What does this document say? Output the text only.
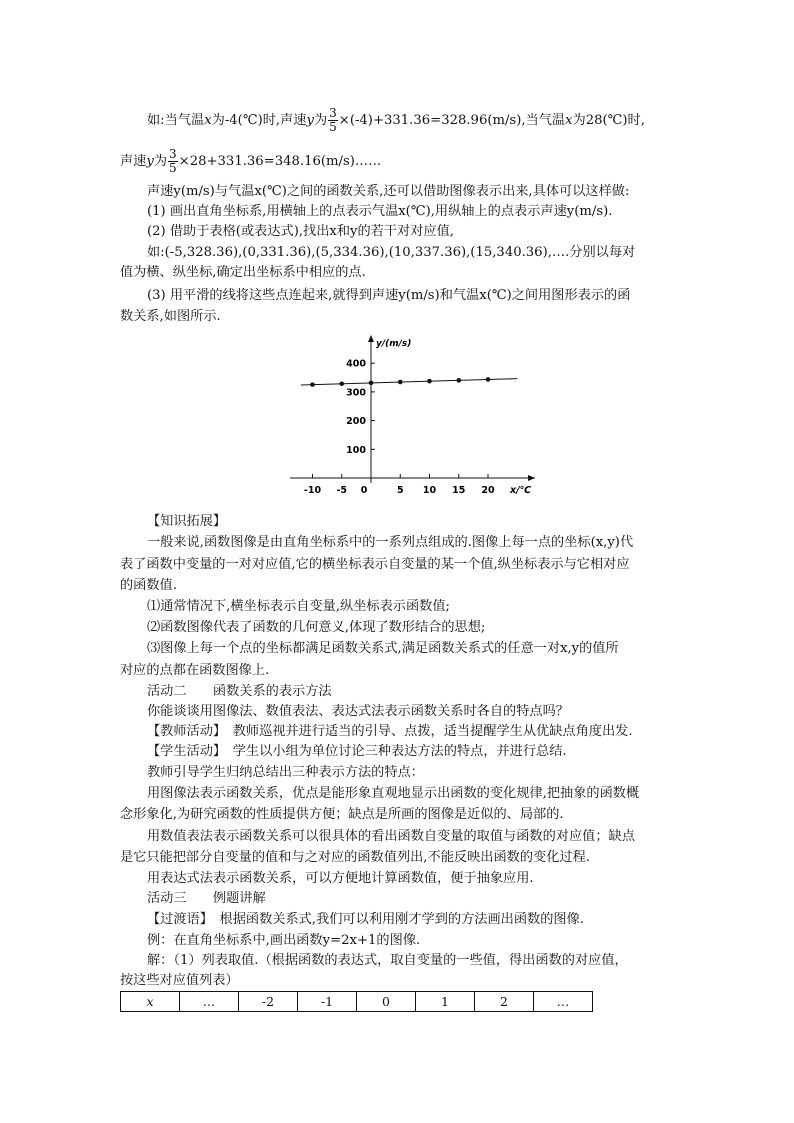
如:当气温x为-4(℃)时,声速y为 $\frac{3}{5} \times(-4)+331.36=328.96(m/s)$,当气温x为28(℃)时,
声速y为 $\frac{3}{5}$ ×28+331.36=348.16(m/s)……
声速y(m/s)与气温x(℃)之间的函数关系,还可以借助图像表示出来,具体可以这样做:
(1) 画出直角坐标系,用横轴上的点表示气温x(℃),用纵轴上的点表示声速y(m/s).
(2) 借助于表格(或表达式),找出x和y的若干对对应值,
如:(-5,328.36),(0,331.36),(5,334.36),(10,337.36),(15,340.36),….分别以每对
值为横、纵坐标,确定出坐标系中相应的点.
(3) 用平滑的线将这些点连起来,就得到声速y(m/s)和气温x(℃)之间用图形表示的函
数关系,如图所示.
-10 -5 0	5 10 15 20
100
200
300
400
y/(m/s)
x/℃
【知识拓展】
一般来说,函数图像是由直角坐标系中的一系列点组成的.图像上每一点的坐标(x,y)代
表了函数中变量的一对对应值,它的横坐标表示自变量的某一个值,纵坐标表示与它相对应
的函数值.
⑴通常情况下,横坐标表示自变量,纵坐标表示函数值;
⑵函数图像代表了函数的几何意义,体现了数形结合的思想;
⑶图像上每一个点的坐标都满足函数关系式,满足函数关系式的任意一对x,y的值所
对应的点都在函数图像上.
活动二　　函数关系的表示方法
你能谈谈用图像法、数值表法、表达式法表示函数关系时各自的特点吗？
【教师活动】　教师巡视并进行适当的引导、点拨，适当提醒学生从优缺点角度出发.
【学生活动】　学生以小组为单位讨论三种表达方法的特点，并进行总结.
教师引导学生归纳总结出三种表示方法的特点：
用图像法表示函数关系，优点是能形象直观地显示出函数的变化规律,把抽象的函数概
念形象化,为研究函数的性质提供方便；缺点是所画的图像是近似的、局部的.
用数值表法表示函数关系可以很具体的看出函数自变量的取值与函数的对应值；缺点
是它只能把部分自变量的值和与之对应的函数值列出,不能反映出函数的变化过程.
用表达式法表示函数关系，可以方便地计算函数值，便于抽象应用.
活动三　　例题讲解
【过渡语】　根据函数关系式,我们可以利用刚才学到的方法画出函数的图像.
例：在直角坐标系中,画出函数y=2x+1的图像.
解：（1）列表取值.（根据函数的表达式，取自变量的一些值，得出函数的对应值，
按这些对应值列表）
x	…	-2	-1	0	1	2	…
